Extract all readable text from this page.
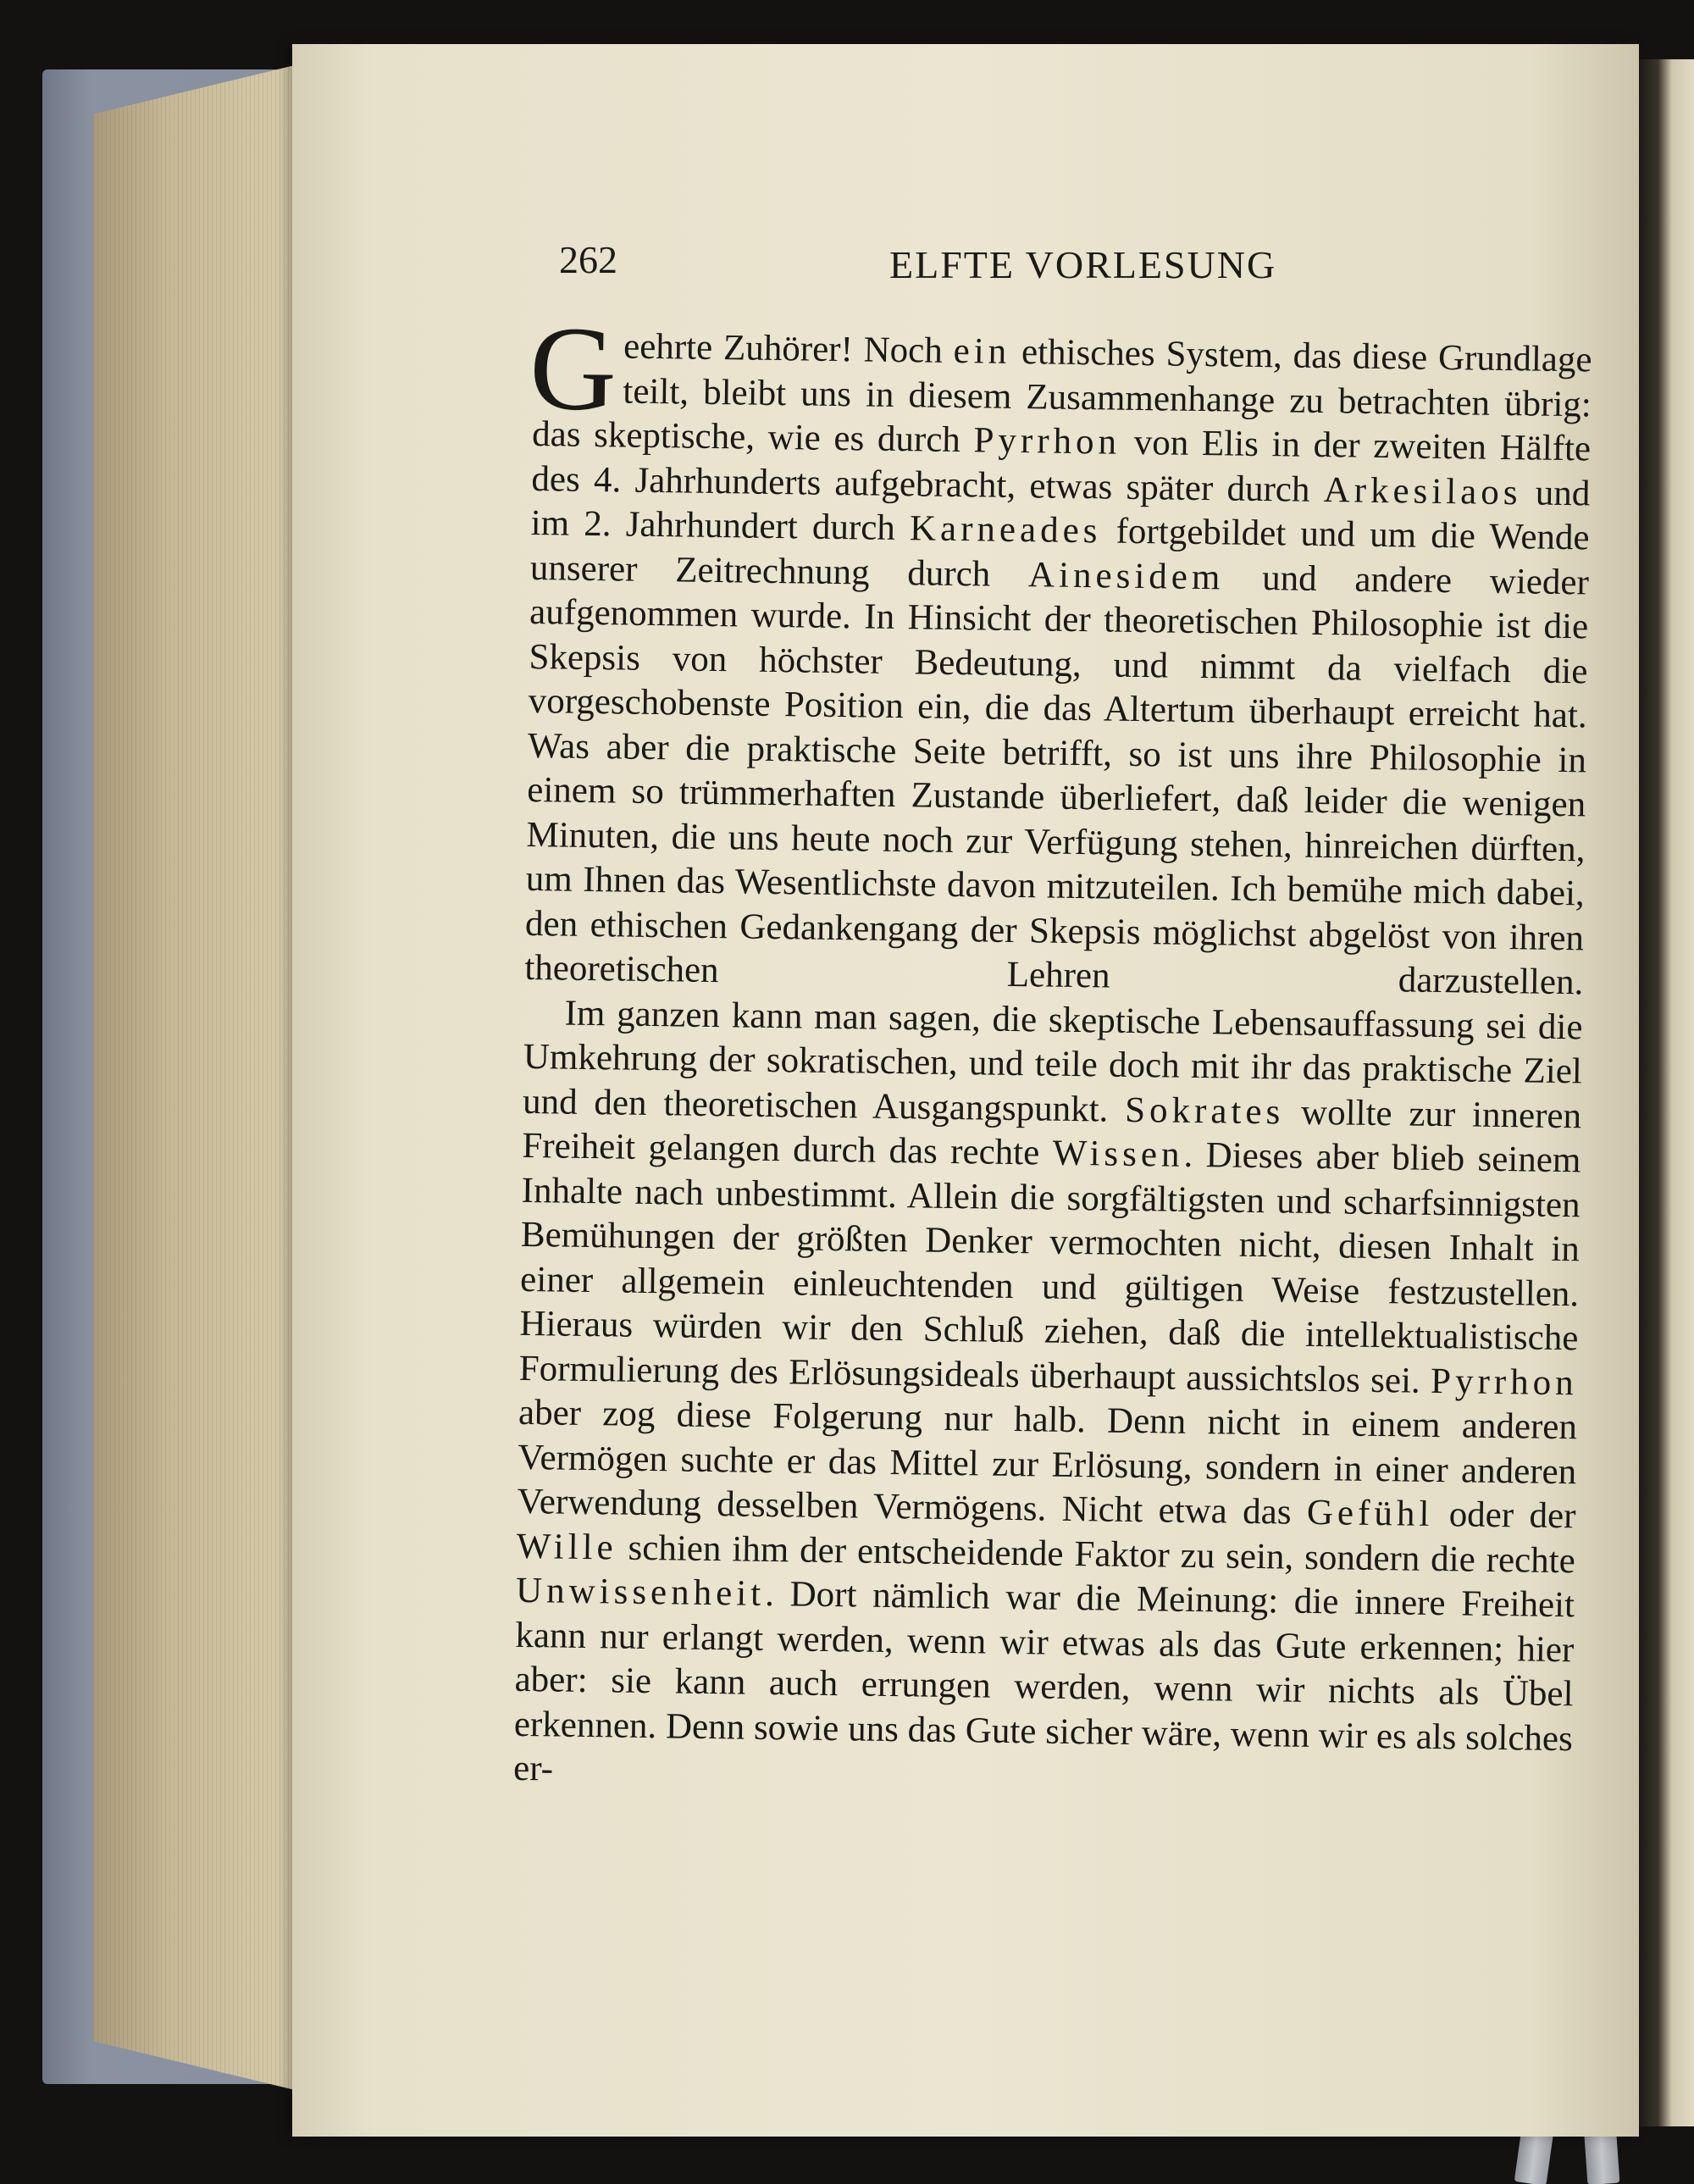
262	ELFTE VORLESUNG

Geehrte Zuhörer! Noch ein ethisches System, das diese Grundlage teilt, bleibt uns in diesem Zusammenhange zu betrachten übrig: das skeptische, wie es durch Pyrrhon von Elis in der zweiten Hälfte des 4. Jahrhunderts aufgebracht, etwas später durch Arkesilaos und im 2. Jahrhundert durch Karneades fortgebildet und um die Wende unserer Zeitrechnung durch Ainesidem und andere wieder aufgenommen wurde. In Hinsicht der theoretischen Philosophie ist die Skepsis von höchster Bedeutung, und nimmt da vielfach die vorgeschobenste Position ein, die das Altertum überhaupt erreicht hat. Was aber die praktische Seite betrifft, so ist uns ihre Philosophie in einem so trümmerhaften Zustande überliefert, daß leider die wenigen Minuten, die uns heute noch zur Verfügung stehen, hinreichen dürften, um Ihnen das Wesentlichste davon mitzuteilen. Ich bemühe mich dabei, den ethischen Gedankengang der Skepsis möglichst abgelöst von ihren theoretischen Lehren darzustellen.

Im ganzen kann man sagen, die skeptische Lebensauffassung sei die Umkehrung der sokratischen, und teile doch mit ihr das praktische Ziel und den theoretischen Ausgangspunkt. Sokrates wollte zur inneren Freiheit gelangen durch das rechte Wissen. Dieses aber blieb seinem Inhalte nach unbestimmt. Allein die sorgfältigsten und scharfsinnigsten Bemühungen der größten Denker vermochten nicht, diesen Inhalt in einer allgemein einleuchtenden und gültigen Weise festzustellen. Hieraus würden wir den Schluß ziehen, daß die intellektualistische Formulierung des Erlösungsideals überhaupt aussichtslos sei. Pyrrhon aber zog diese Folgerung nur halb. Denn nicht in einem anderen Vermögen suchte er das Mittel zur Erlösung, sondern in einer anderen Verwendung desselben Vermögens. Nicht etwa das Gefühl oder der Wille schien ihm der entscheidende Faktor zu sein, sondern die rechte Unwissenheit. Dort nämlich war die Meinung: die innere Freiheit kann nur erlangt werden, wenn wir etwas als das Gute erkennen; hier aber: sie kann auch errungen werden, wenn wir nichts als Übel erkennen. Denn sowie uns das Gute sicher wäre, wenn wir es als solches er-
